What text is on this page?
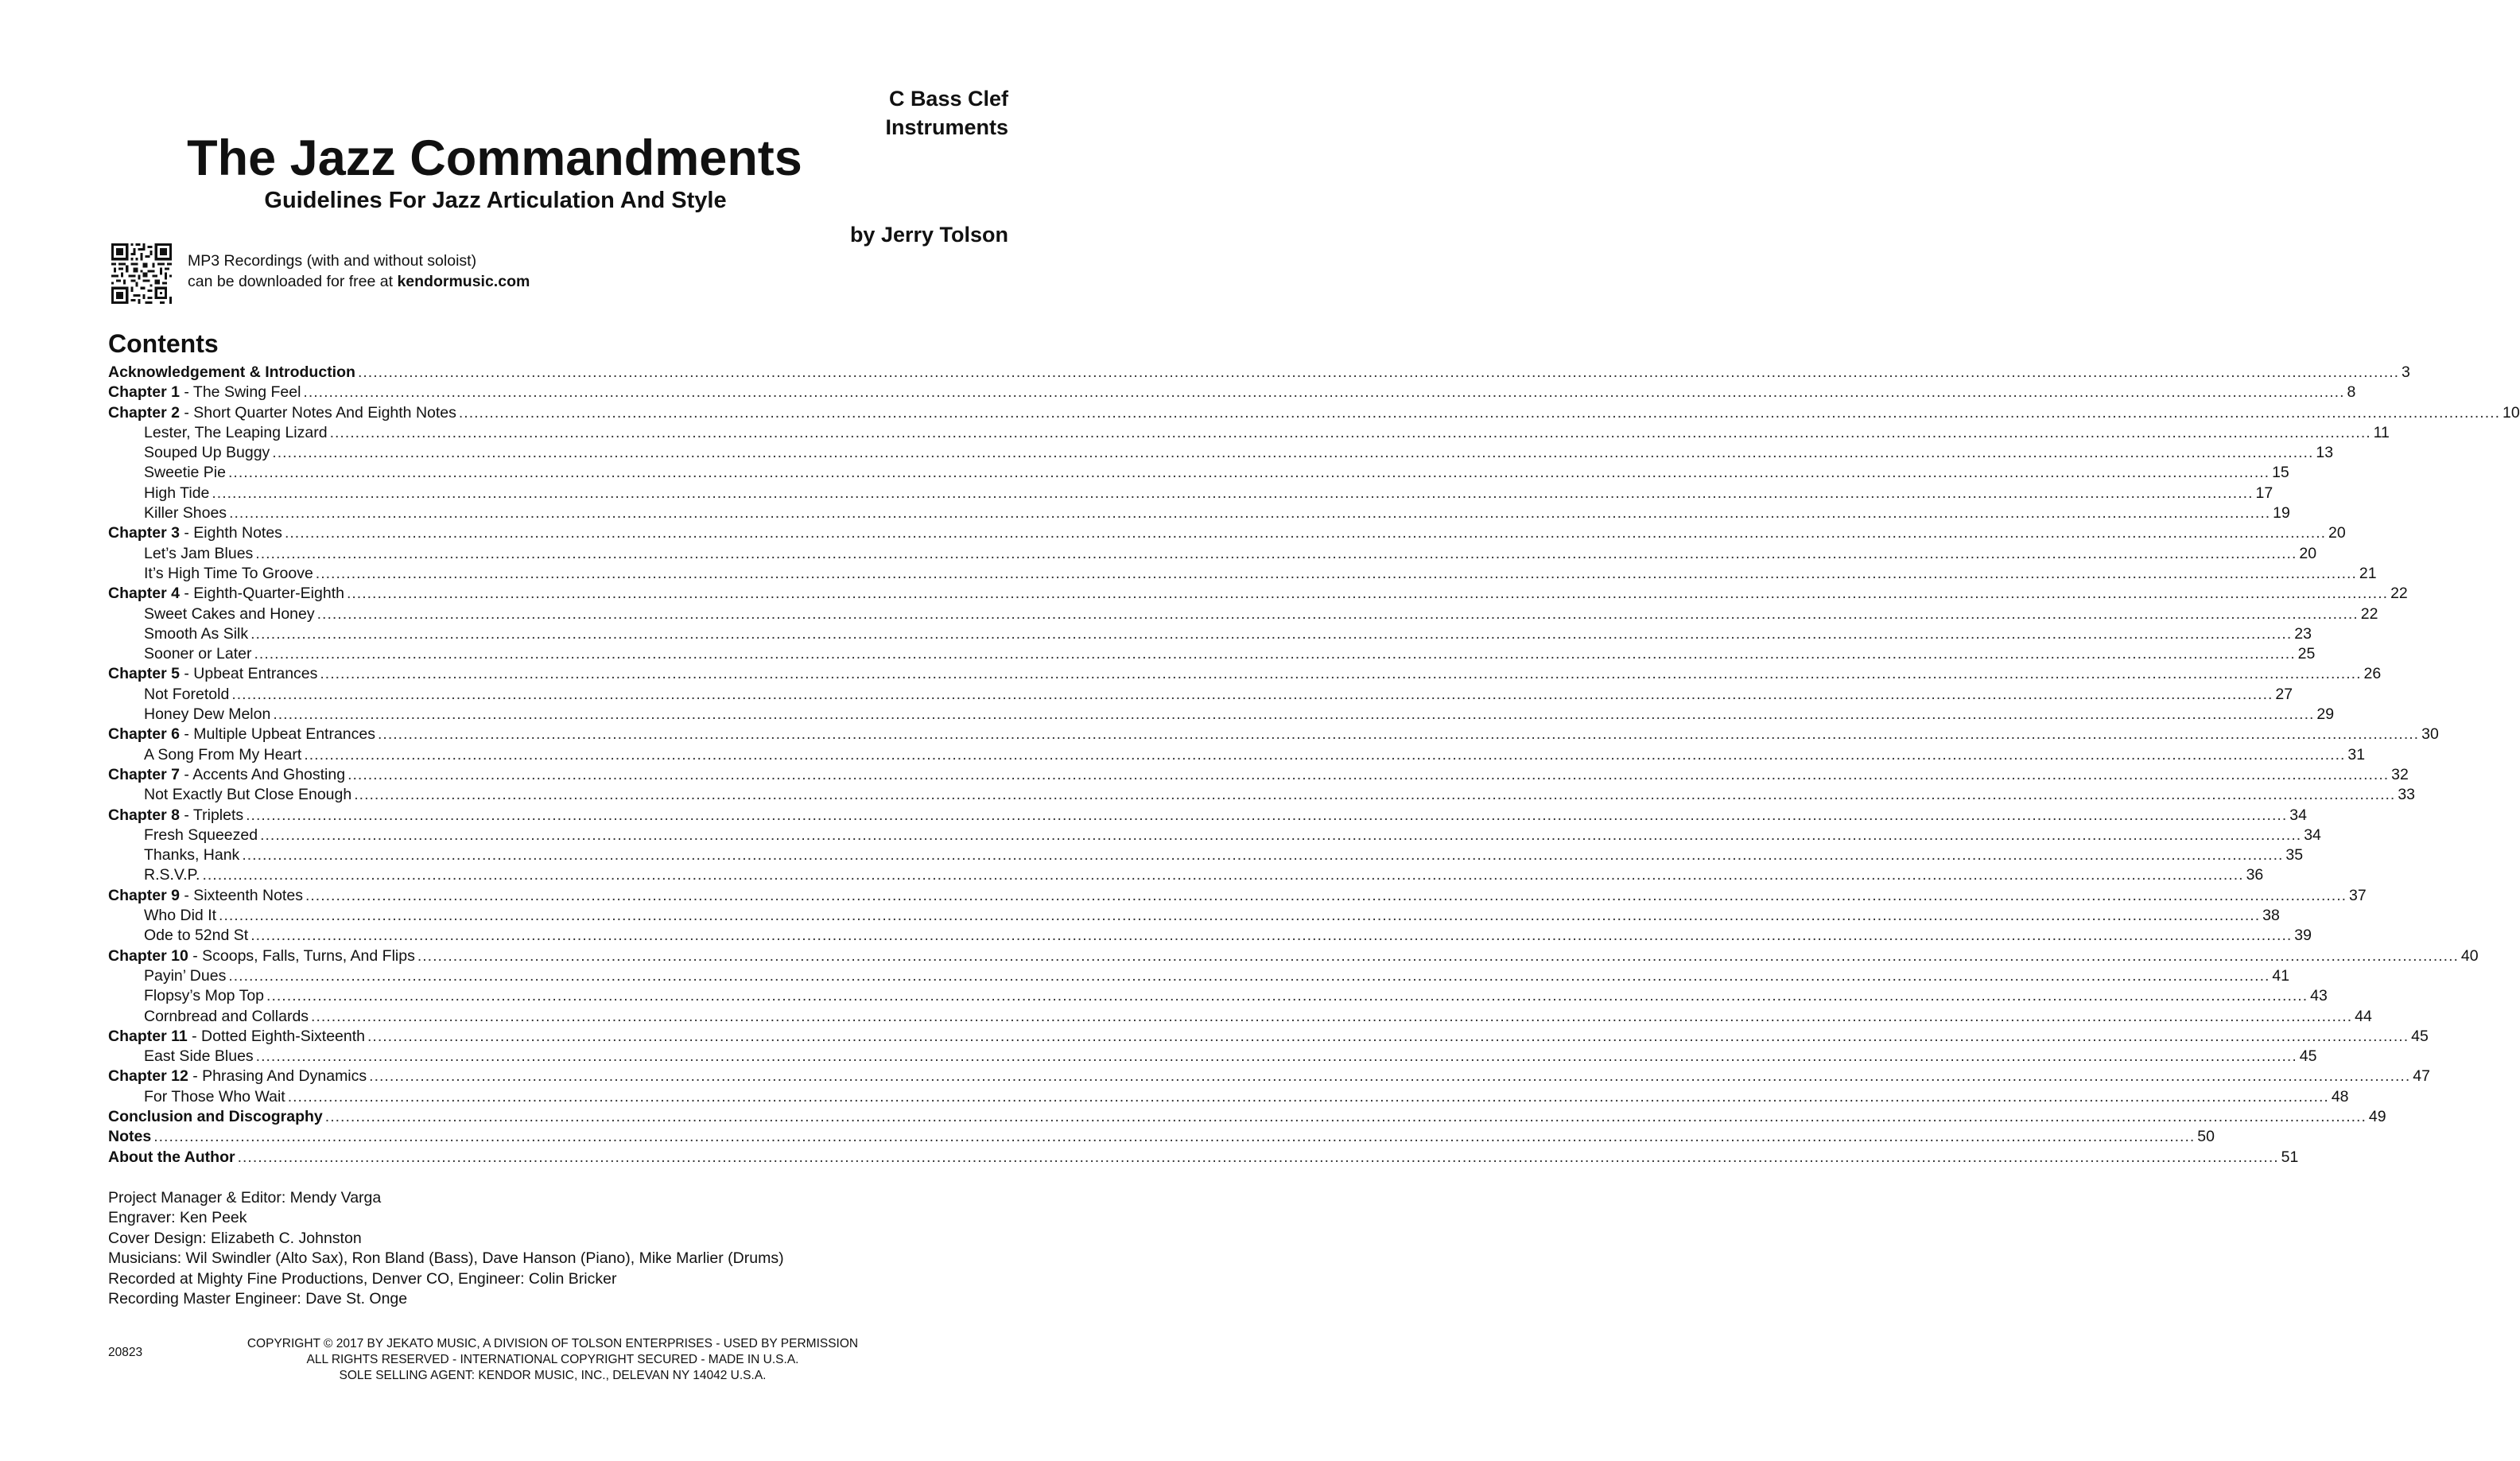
C Bass Clef
Instruments
The Jazz Commandments
Guidelines For Jazz Articulation And Style
by Jerry Tolson
MP3 Recordings (with and without soloist)
can be downloaded for free at kendormusic.com
Contents
Acknowledgement & Introduction ................................................................................................................................................................................................................................................................................................................................................................................................................ 3
Chapter 1 - The Swing Feel ................................................................................................................................................................................................................................................................................................................................................................................................................ 8
Chapter 2 - Short Quarter Notes And Eighth Notes ................................................................................................................................................................................................................................................................................................................................................................................................................ 10
Lester, The Leaping Lizard ................................................................................................................................................................................................................................................................................................................................................................................................................ 11
Souped Up Buggy ................................................................................................................................................................................................................................................................................................................................................................................................................ 13
Sweetie Pie ................................................................................................................................................................................................................................................................................................................................................................................................................ 15
High Tide ................................................................................................................................................................................................................................................................................................................................................................................................................ 17
Killer Shoes ................................................................................................................................................................................................................................................................................................................................................................................................................ 19
Chapter 3 - Eighth Notes ................................................................................................................................................................................................................................................................................................................................................................................................................ 20
Let’s Jam Blues ................................................................................................................................................................................................................................................................................................................................................................................................................ 20
It’s High Time To Groove ................................................................................................................................................................................................................................................................................................................................................................................................................ 21
Chapter 4 - Eighth-Quarter-Eighth ................................................................................................................................................................................................................................................................................................................................................................................................................ 22
Sweet Cakes and Honey ................................................................................................................................................................................................................................................................................................................................................................................................................ 22
Smooth As Silk ................................................................................................................................................................................................................................................................................................................................................................................................................ 23
Sooner or Later ................................................................................................................................................................................................................................................................................................................................................................................................................ 25
Chapter 5 - Upbeat Entrances ................................................................................................................................................................................................................................................................................................................................................................................................................ 26
Not Foretold ................................................................................................................................................................................................................................................................................................................................................................................................................ 27
Honey Dew Melon ................................................................................................................................................................................................................................................................................................................................................................................................................ 29
Chapter 6 - Multiple Upbeat Entrances ................................................................................................................................................................................................................................................................................................................................................................................................................ 30
A Song From My Heart ................................................................................................................................................................................................................................................................................................................................................................................................................ 31
Chapter 7 - Accents And Ghosting ................................................................................................................................................................................................................................................................................................................................................................................................................ 32
Not Exactly But Close Enough ................................................................................................................................................................................................................................................................................................................................................................................................................ 33
Chapter 8 - Triplets ................................................................................................................................................................................................................................................................................................................................................................................................................ 34
Fresh Squeezed ................................................................................................................................................................................................................................................................................................................................................................................................................ 34
Thanks, Hank ................................................................................................................................................................................................................................................................................................................................................................................................................ 35
R.S.V.P. ................................................................................................................................................................................................................................................................................................................................................................................................................ 36
Chapter 9 - Sixteenth Notes ................................................................................................................................................................................................................................................................................................................................................................................................................ 37
Who Did It ................................................................................................................................................................................................................................................................................................................................................................................................................ 38
Ode to 52nd St ................................................................................................................................................................................................................................................................................................................................................................................................................ 39
Chapter 10 - Scoops, Falls, Turns, And Flips ................................................................................................................................................................................................................................................................................................................................................................................................................ 40
Payin’ Dues ................................................................................................................................................................................................................................................................................................................................................................................................................ 41
Flopsy’s Mop Top ................................................................................................................................................................................................................................................................................................................................................................................................................ 43
Cornbread and Collards ................................................................................................................................................................................................................................................................................................................................................................................................................ 44
Chapter 11 - Dotted Eighth-Sixteenth ................................................................................................................................................................................................................................................................................................................................................................................................................ 45
East Side Blues ................................................................................................................................................................................................................................................................................................................................................................................................................ 45
Chapter 12 - Phrasing And Dynamics ................................................................................................................................................................................................................................................................................................................................................................................................................ 47
For Those Who Wait ................................................................................................................................................................................................................................................................................................................................................................................................................ 48
Conclusion and Discography ................................................................................................................................................................................................................................................................................................................................................................................................................ 49
Notes ................................................................................................................................................................................................................................................................................................................................................................................................................ 50
About the Author ................................................................................................................................................................................................................................................................................................................................................................................................................ 51
Project Manager & Editor: Mendy Varga
Engraver: Ken Peek
Cover Design: Elizabeth C. Johnston
Musicians: Wil Swindler (Alto Sax), Ron Bland (Bass), Dave Hanson (Piano), Mike Marlier (Drums)
Recorded at Mighty Fine Productions, Denver CO, Engineer: Colin Bricker
Recording Master Engineer: Dave St. Onge
20823
COPYRIGHT © 2017 BY JEKATO MUSIC, A DIVISION OF TOLSON ENTERPRISES - USED BY PERMISSION
ALL RIGHTS RESERVED - INTERNATIONAL COPYRIGHT SECURED - MADE IN U.S.A.
SOLE SELLING AGENT: KENDOR MUSIC, INC., DELEVAN NY 14042 U.S.A.
